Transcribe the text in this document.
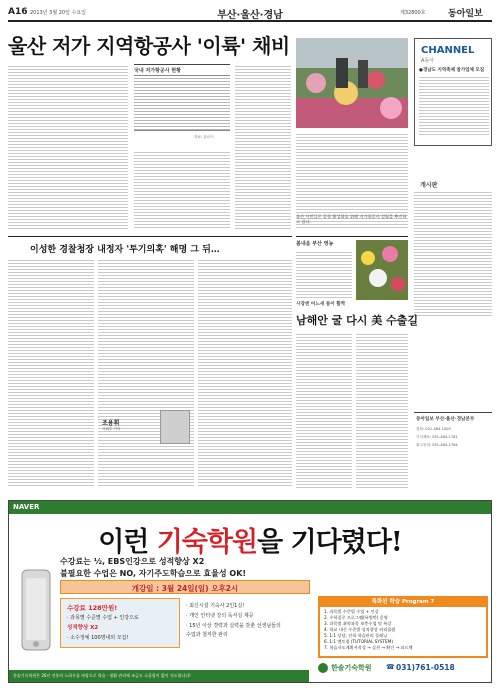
A16 2013년 3월 20일 수요일	부산·울산·경남	제32800호 동아일보
울산 저가 지역항공사 '이륙' 채비
국내 저가항공사 현황
자료: 울산시
울산 시민들은 공항 활성화를 위해 저가항공사 설립을 추진하고 있다.
CHANNEL
A동아
●경남도 지역축제 참가업체 모집
개시판
동아일보 부산·울산·경남본부
전화: 051-464-1000
기사제보: 051-464-1781
광고문의: 051-464-1764
이성한 경찰청장 내정자 '투기의혹' 해명 그 뒤…
조용휘
사회부 기자
봄내음 부산 영농
시장엔 어느새 봄이 활짝
남해안 굴 다시 美 수출길
NAVER
이런 기숙학원을 기다렸다!
수강료는 ½, EBS인강으로 성적향상 X2
불필요한 수업은 NO, 자기주도학습으로 효율성 OK!
개강일 : 3월 24일(일) 오후2시
수강료 128만원!
· 과목별 수준별 수업 + 인강으로
성적향상 X2
· 소수정예 100명내외 모집!
· 최신시설 기숙사 2인1실!
· 개인 인터넷 강의 독서실 제공
· 15년 이상 경력과 실력을 갖춘 선생님들의
수업과 철저한 관리
특화된 학습 Program 7
1. 과목별 수준별 수업 + 인강
2. 수학집중 프로그램(특별반) 운영
3. 과목별 취약과목 보충수업 및 특강
4. 학교 내신 수준별 성적향상 커리큘럼
5. 1:1 상담, 진학 학습관리 플래닝
6. 1:1 멘토링 (TUTORIAL SYSTEM)
7. 학습자도계획서작성 → 실천 → 확인 → 피드백
한솔기숙학원 ☎ 031)761-0518
한솔기숙학원은 26년 전통의 노하우를 바탕으로 학습 · 생활 관리에 조금도 소홀함이 없이 지도합니다!
